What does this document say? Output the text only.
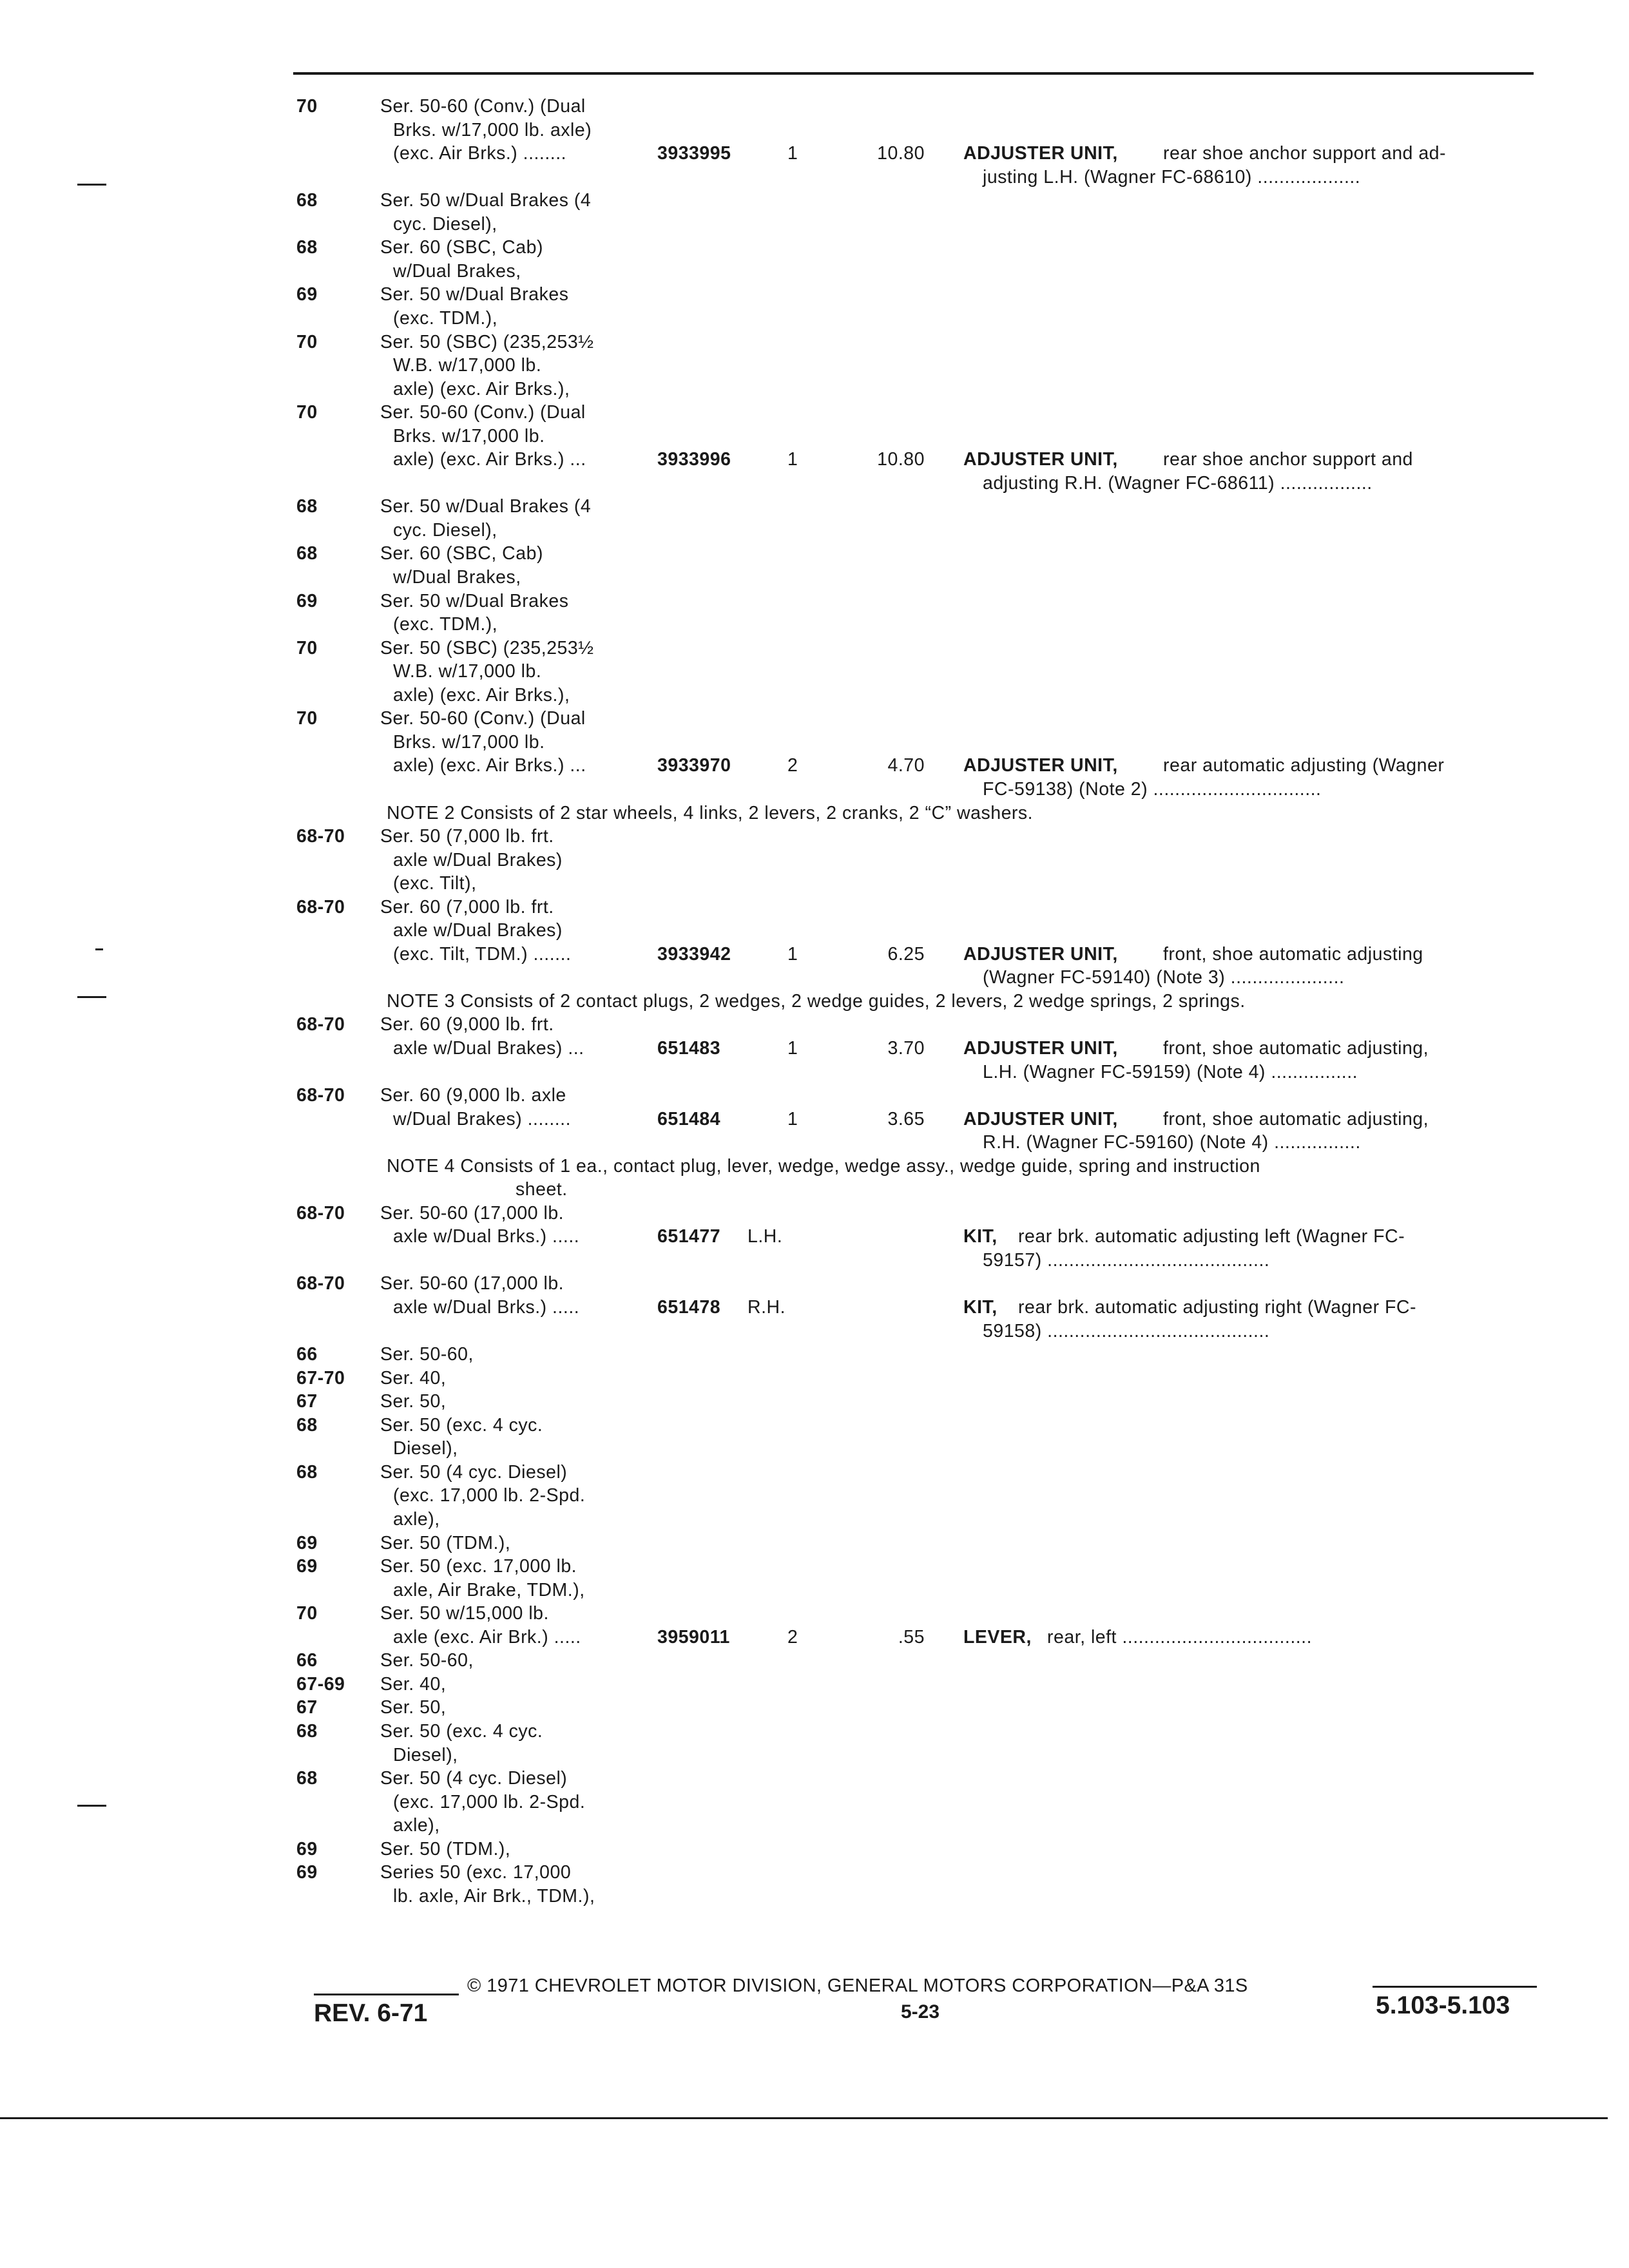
70	Ser. 50-60 (Conv.) (Dual
Brks. w/17,000 lb. axle)
(exc. Air Brks.) ........	3933995	1	10.80 ADJUSTER UNIT, rear shoe anchor support and ad-
justing L.H. (Wagner FC-68610) ...................
68	Ser. 50 w/Dual Brakes (4
cyc. Diesel),
68	Ser. 60 (SBC, Cab)
w/Dual Brakes,
69	Ser. 50 w/Dual Brakes
(exc. TDM.),
70	Ser. 50 (SBC) (235,253½
W.B. w/17,000 lb.
axle) (exc. Air Brks.),
70	Ser. 50-60 (Conv.) (Dual
Brks. w/17,000 lb.
axle) (exc. Air Brks.) ...	3933996	1	10.80 ADJUSTER UNIT, rear shoe anchor support and
adjusting R.H. (Wagner FC-68611) .................
68	Ser. 50 w/Dual Brakes (4
cyc. Diesel),
68	Ser. 60 (SBC, Cab)
w/Dual Brakes,
69	Ser. 50 w/Dual Brakes
(exc. TDM.),
70	Ser. 50 (SBC) (235,253½
W.B. w/17,000 lb.
axle) (exc. Air Brks.),
70	Ser. 50-60 (Conv.) (Dual
Brks. w/17,000 lb.
axle) (exc. Air Brks.) ...	3933970	2	4.70 ADJUSTER UNIT, rear automatic adjusting (Wagner
FC-59138) (Note 2) ...............................
NOTE 2 Consists of 2 star wheels, 4 links, 2 levers, 2 cranks, 2 “C” washers.
68-70 Ser. 50 (7,000 lb. frt.
axle w/Dual Brakes)
(exc. Tilt),
68-70 Ser. 60 (7,000 lb. frt.
axle w/Dual Brakes)
(exc. Tilt, TDM.) .......	3933942	1	6.25 ADJUSTER UNIT, front, shoe automatic adjusting
(Wagner FC-59140) (Note 3) .....................
NOTE 3 Consists of 2 contact plugs, 2 wedges, 2 wedge guides, 2 levers, 2 wedge springs, 2 springs.
68-70 Ser. 60 (9,000 lb. frt.
axle w/Dual Brakes) ...	651483	1	3.70 ADJUSTER UNIT, front, shoe automatic adjusting,
L.H. (Wagner FC-59159) (Note 4) ................
68-70 Ser. 60 (9,000 lb. axle
w/Dual Brakes) ........	651484	1	3.65 ADJUSTER UNIT, front, shoe automatic adjusting,
R.H. (Wagner FC-59160) (Note 4) ................
NOTE 4 Consists of 1 ea., contact plug, lever, wedge, wedge assy., wedge guide, spring and instruction
sheet.
68-70 Ser. 50-60 (17,000 lb.
axle w/Dual Brks.) .....	651477 L.H.	KIT, rear brk. automatic adjusting left (Wagner FC-
59157) .........................................
68-70 Ser. 50-60 (17,000 lb.
axle w/Dual Brks.) .....	651478 R.H.	KIT, rear brk. automatic adjusting right (Wagner FC-
59158) .........................................
66	Ser. 50-60,
67-70 Ser. 40,
67	Ser. 50,
68	Ser. 50 (exc. 4 cyc.
Diesel),
68	Ser. 50 (4 cyc. Diesel)
(exc. 17,000 lb. 2-Spd.
axle),
69	Ser. 50 (TDM.),
69	Ser. 50 (exc. 17,000 lb.
axle, Air Brake, TDM.),
70	Ser. 50 w/15,000 lb.
axle (exc. Air Brk.) .....	3959011	2	.55 LEVER, rear, left ...................................
66	Ser. 50-60,
67-69 Ser. 40,
67	Ser. 50,
68	Ser. 50 (exc. 4 cyc.
Diesel),
68	Ser. 50 (4 cyc. Diesel)
(exc. 17,000 lb. 2-Spd.
axle),
69	Ser. 50 (TDM.),
69	Series 50 (exc. 17,000
lb. axle, Air Brk., TDM.),
© 1971 CHEVROLET MOTOR DIVISION, GENERAL MOTORS CORPORATION—P&A 31S
REV. 6-71	5-23	5.103-5.103
